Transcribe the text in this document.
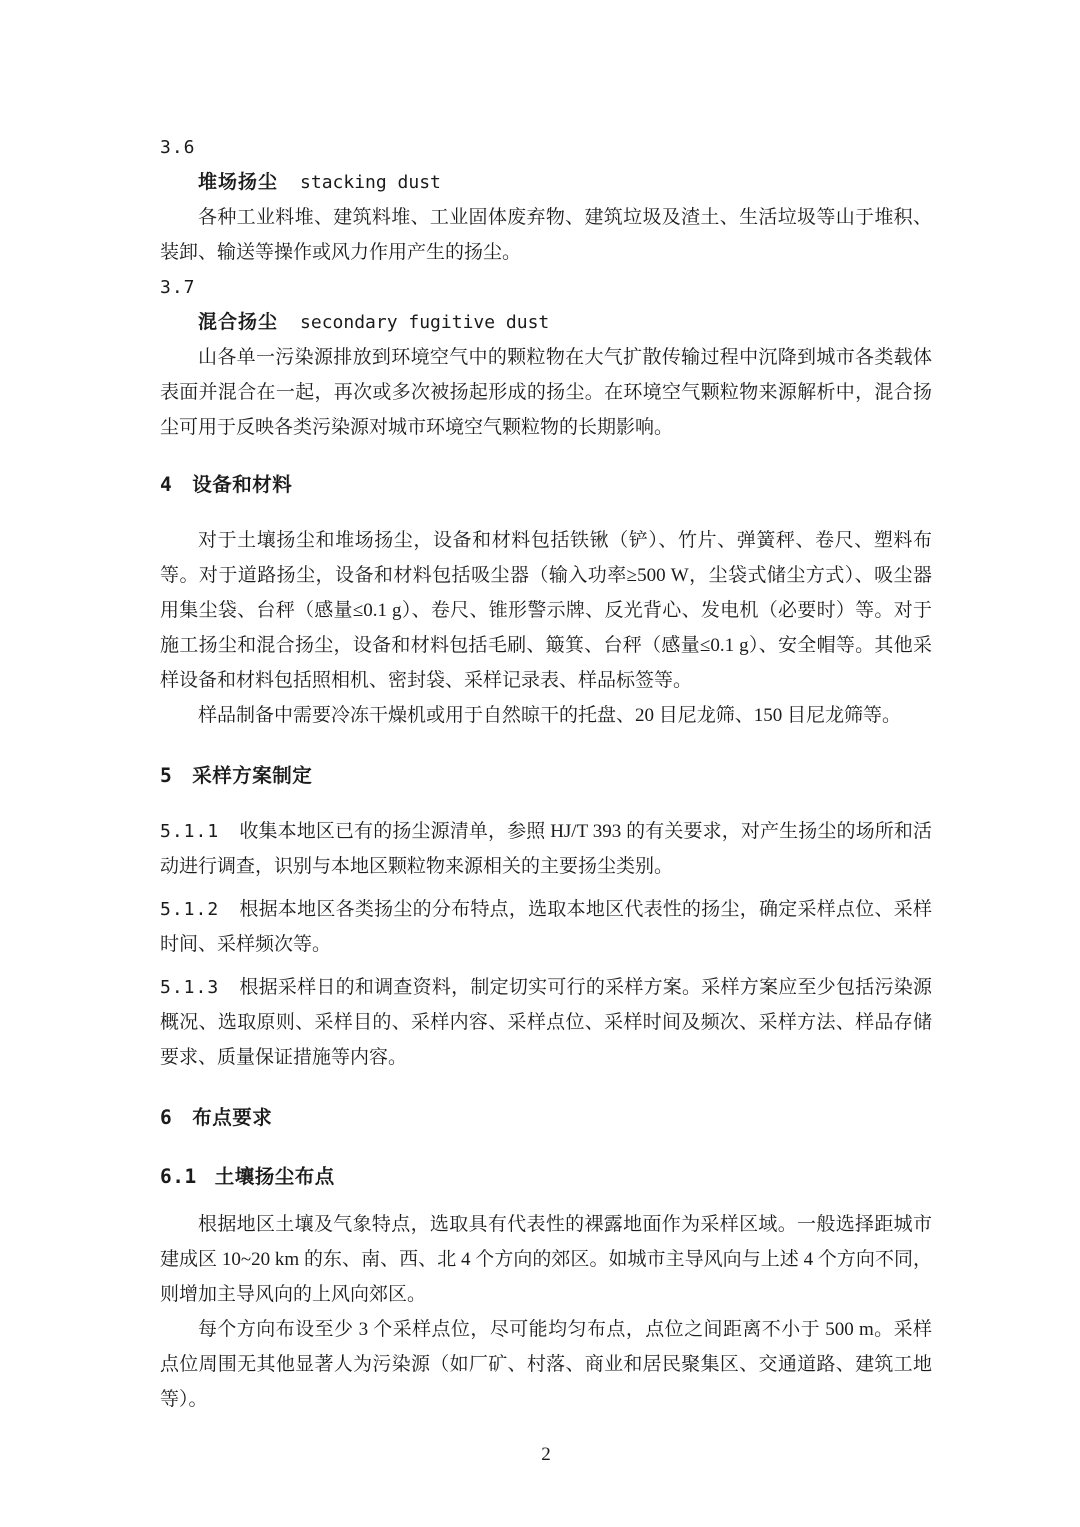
3.6

堆场扬尘 stacking dust

各种工业料堆、建筑料堆、工业固体废弃物、建筑垃圾及渣土、生活垃圾等山于堆积、装卸、输送等操作或风力作用产生的扬尘。

3.7

混合扬尘 secondary fugitive dust

山各单一污染源排放到环境空气中的颗粒物在大气扩散传输过程中沉降到城市各类载体表面并混合在一起，再次或多次被扬起形成的扬尘。在环境空气颗粒物来源解析中，混合扬尘可用于反映各类污染源对城市环境空气颗粒物的长期影响。

4 设备和材料

对于土壤扬尘和堆场扬尘，设备和材料包括铁锹（铲）、竹片、弹簧秤、卷尺、塑料布等。对于道路扬尘，设备和材料包括吸尘器（输入功率≥500 W，尘袋式储尘方式）、吸尘器用集尘袋、台秤（感量≤0.1 g）、卷尺、锥形警示牌、反光背心、发电机（必要时）等。对于施工扬尘和混合扬尘，设备和材料包括毛刷、簸箕、台秤（感量≤0.1 g）、安全帽等。其他采样设备和材料包括照相机、密封袋、采样记录表、样品标签等。

样品制备中需要冷冻干燥机或用于自然晾干的托盘、20 目尼龙筛、150 目尼龙筛等。

5 采样方案制定

5.1.1 收集本地区已有的扬尘源清单，参照 HJ/T 393 的有关要求，对产生扬尘的场所和活动进行调查，识别与本地区颗粒物来源相关的主要扬尘类别。

5.1.2 根据本地区各类扬尘的分布特点，选取本地区代表性的扬尘，确定采样点位、采样时间、采样频次等。

5.1.3 根据采样日的和调查资料，制定切实可行的采样方案。采样方案应至少包括污染源概况、选取原则、采样目的、采样内容、采样点位、采样时间及频次、采样方法、样品存储要求、质量保证措施等内容。

6 布点要求

6.1 土壤扬尘布点

根据地区土壤及气象特点，选取具有代表性的裸露地面作为采样区域。一般选择距城市建成区 10~20 km 的东、南、西、北 4 个方向的郊区。如城市主导风向与上述 4 个方向不同，则增加主导风向的上风向郊区。

每个方向布设至少 3 个采样点位，尽可能均匀布点，点位之间距离不小于 500 m。采样点位周围无其他显著人为污染源（如厂矿、村落、商业和居民聚集区、交通道路、建筑工地等）。

2
